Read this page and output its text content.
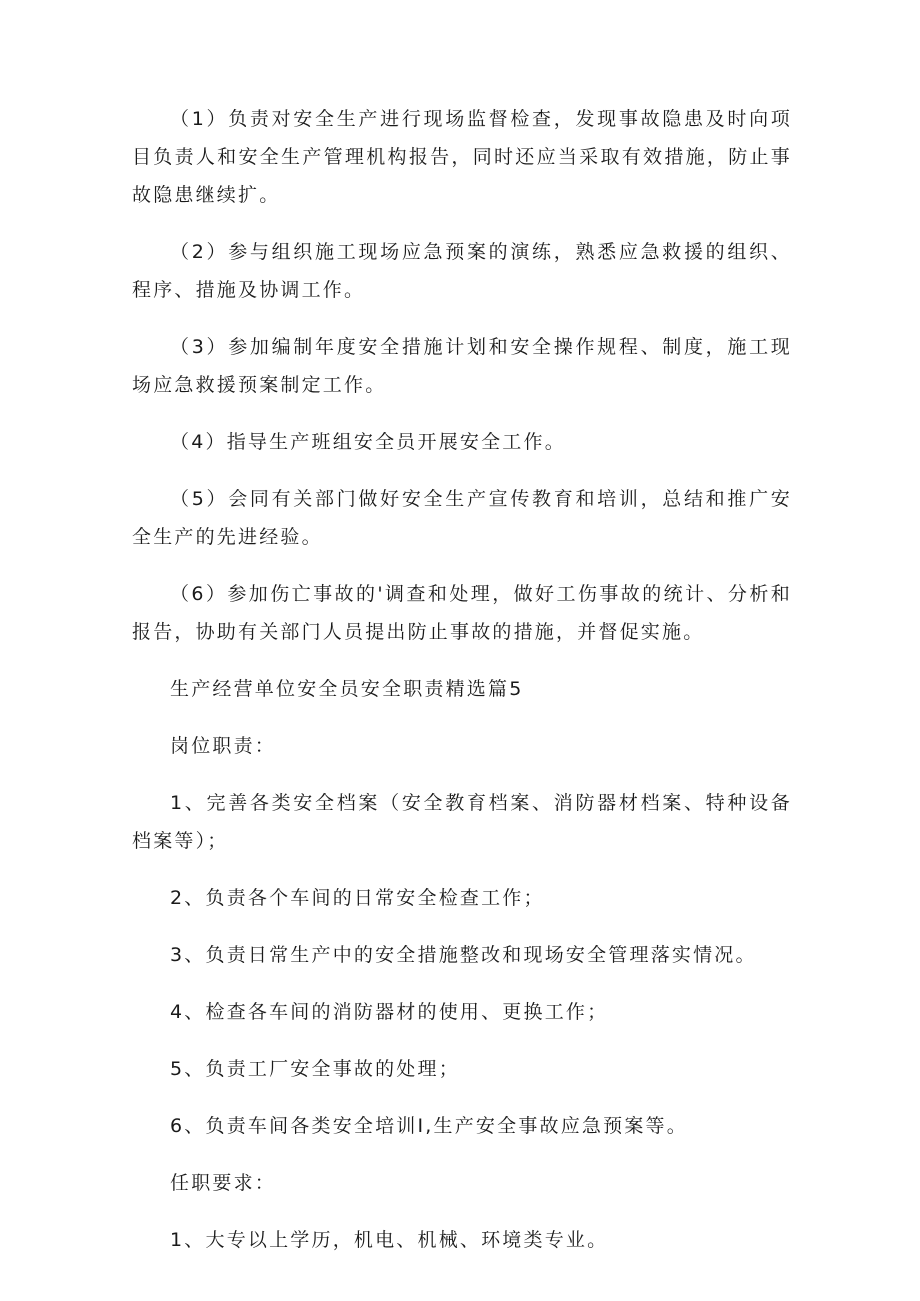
（1）负责对安全生产进行现场监督检查，发现事故隐患及时向项目负责人和安全生产管理机构报告，同时还应当采取有效措施，防止事故隐患继续扩。

（2）参与组织施工现场应急预案的演练，熟悉应急救援的组织、程序、措施及协调工作。

（3）参加编制年度安全措施计划和安全操作规程、制度，施工现场应急救援预案制定工作。

（4）指导生产班组安全员开展安全工作。

（5）会同有关部门做好安全生产宣传教育和培训，总结和推广安全生产的先进经验。

（6）参加伤亡事故的'调查和处理，做好工伤事故的统计、分析和报告，协助有关部门人员提出防止事故的措施，并督促实施。

生产经营单位安全员安全职责精选篇5

岗位职责：

1、完善各类安全档案（安全教育档案、消防器材档案、特种设备档案等）；

2、负责各个车间的日常安全检查工作；

3、负责日常生产中的安全措施整改和现场安全管理落实情况。

4、检查各车间的消防器材的使用、更换工作；

5、负责工厂安全事故的处理；

6、负责车间各类安全培训I,生产安全事故应急预案等。

任职要求：

1、大专以上学历，机电、机械、环境类专业。
